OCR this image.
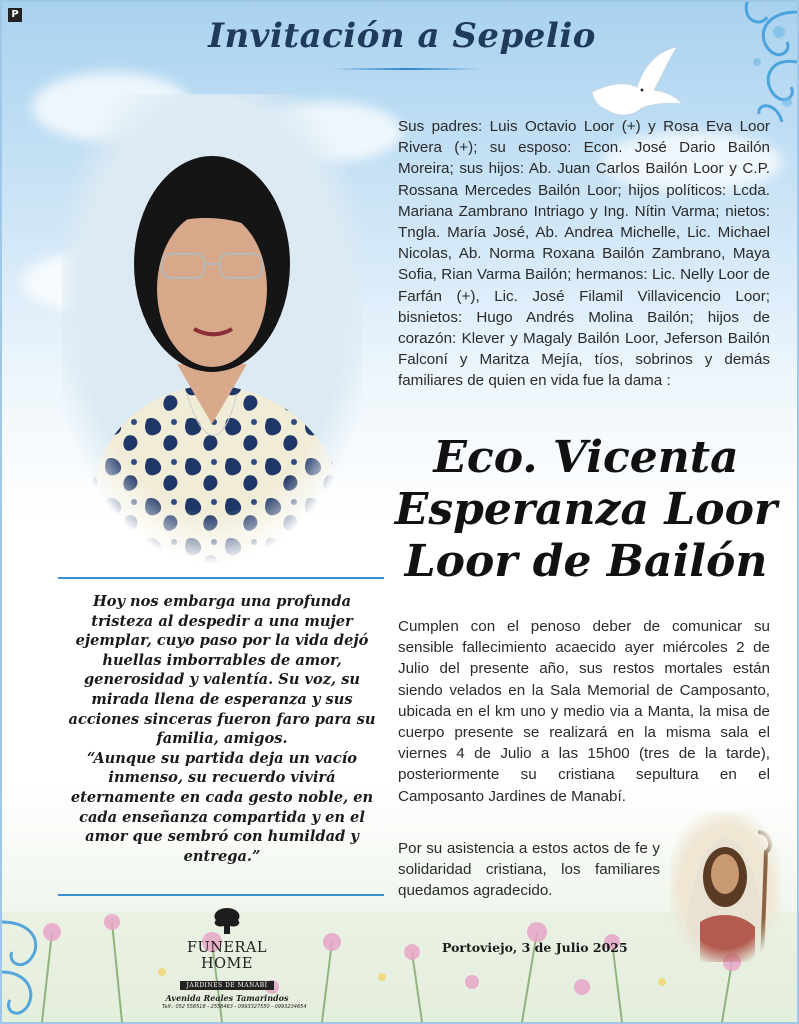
P
Invitación a Sepelio

Sus padres: Luis Octavio Loor (+) y Rosa Eva Loor Rivera (+); su esposo: Econ. José Dario Bailón Moreira; sus hijos: Ab. Juan Carlos Bailón Loor y C.P. Rossana Mercedes Bailón Loor; hijos políticos: Lcda. Mariana Zambrano Intriago y Ing. Nítin Varma; nietos: Tngla. María José, Ab. Andrea Michelle, Lic. Michael Nicolas, Ab. Norma Roxana Bailón Zambrano, Maya Sofia, Rian Varma Bailón; hermanos: Lic. Nelly Loor de Farfán (+), Lic. José Filamil Villavicencio Loor; bisnietos: Hugo Andrés Molina Bailón; hijos de corazón: Klever y Magaly Bailón Loor, Jeferson Bailón Falconí y Maritza Mejía, tíos, sobrinos y demás familiares de quien en vida fue la dama :

Eco. Vicenta
Esperanza Loor
Loor de Bailón

Hoy nos embarga una profunda tristeza al despedir a una mujer ejemplar, cuyo paso por la vida dejó huellas imborrables de amor, generosidad y valentía. Su voz, su mirada llena de esperanza y sus acciones sinceras fueron faro para su familia, amigos.

“Aunque su partida deja un vacío inmenso, su recuerdo vivirá eternamente en cada gesto noble, en cada enseñanza compartida y en el amor que sembró con humildad y entrega.”

Cumplen con el penoso deber de comunicar su sensible fallecimiento acaecido ayer miércoles 2 de Julio del presente año, sus restos mortales están siendo velados en la Sala Memorial de Camposanto, ubicada en el km uno y medio via a Manta, la misa de cuerpo presente se realizará en la misma sala el viernes 4 de Julio a las 15h00 (tres de la tarde), posteriormente su cristiana sepultura en el Camposanto Jardines de Manabí.

Por su asistencia a estos actos de fe y solidaridad cristiana, los familiares quedamos agradecido.

Portoviejo, 3 de Julio 2025
FUNERAL HOME
JARDINES DE MANABÍ
Avenida Reales Tamarindos
Telf.: 052 558518 - 2558463 - 0993327550 - 0993234654
